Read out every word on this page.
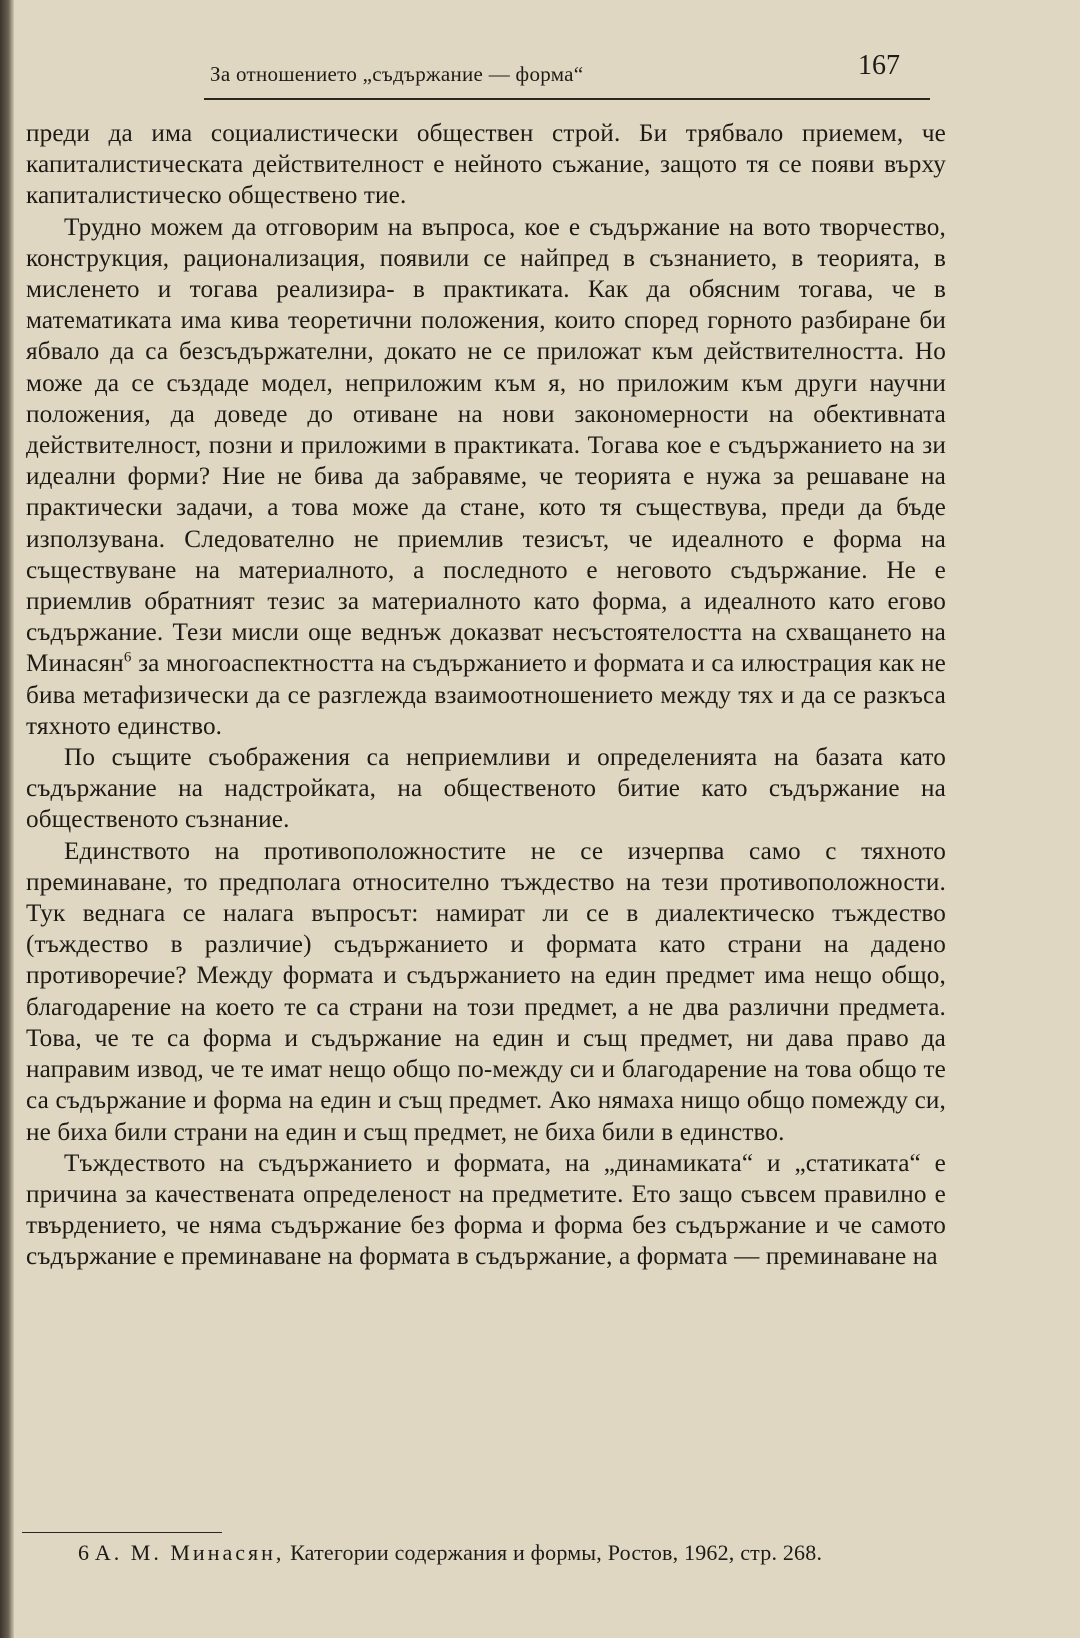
За отношението „съдържание — форма“	167

преди да има социалистически обществен строй. Би трябвало приемем, че капиталистическата действителност е нейното съжание, защото тя се появи върху капиталистическо обществено тие.

Трудно можем да отговорим на въпроса, кое е съдържание на вото творчество, конструкция, рационализация, появили се найпред в съзнанието, в теорията, в мисленето и тогава реализира- в практиката. Как да обясним тогава, че в математиката има кива теоретични положения, които според горното разбиране би ябвало да са безсъдържателни, докато не се приложат към действителността. Но може да се създаде модел, неприложим към я, но приложим към други научни положения, да доведе до отиване на нови закономерности на обективната действителност, позни и приложими в практиката. Тогава кое е съдържанието на зи идеални форми? Ние не бива да забравяме, че теорията е нужа за решаване на практически задачи, а това може да стане, кото тя съществува, преди да бъде използувана. Следователно не приемлив тезисът, че идеалното е форма на съществуване на материалното, а последното е неговото съдържание. Не е приемлив обратният тезис за материалното като форма, а идеалното като егово съдържание. Тези мисли още веднъж доказват несъстоятелостта на схващането на Минасян$^6$ за многоаспектността на съдържанието и формата и са илюстрация как не бива метафизически да се разглежда взаимоотношението между тях и да се разкъса тяхното единство.

По същите съображения са неприемливи и определенията на базата като съдържание на надстройката, на общественото битие като съдържание на общественото съзнание.

Единството на противоположностите не се изчерпва само с тяхното преминаване, то предполага относително тъждество на тези противоположности. Тук веднага се налага въпросът: намират ли се в диалектическо тъждество (тъждество в различие) съдържанието и формата като страни на дадено противоречие? Между формата и съдържанието на един предмет има нещо общо, благодарение на което те са страни на този предмет, а не два различни предмета. Това, че те са форма и съдържание на един и същ предмет, ни дава право да направим извод, че те имат нещо общо по-между си и благодарение на това общо те са съдържание и форма на един и същ предмет. Ако нямаха нищо общо помежду си, не биха били страни на един и същ предмет, не биха били в единство.

Тъждеството на съдържанието и формата, на „динамиката“ и „статиката“ е причина за качествената определеност на предметите. Ето защо съвсем правилно е твърдението, че няма съдържание без форма и форма без съдържание и че самото съдържание е преминаване на формата в съдържание, а формата — преминаване на

6 А. М. Минасян, Категории содержания и формы, Ростов, 1962, стр. 268.
